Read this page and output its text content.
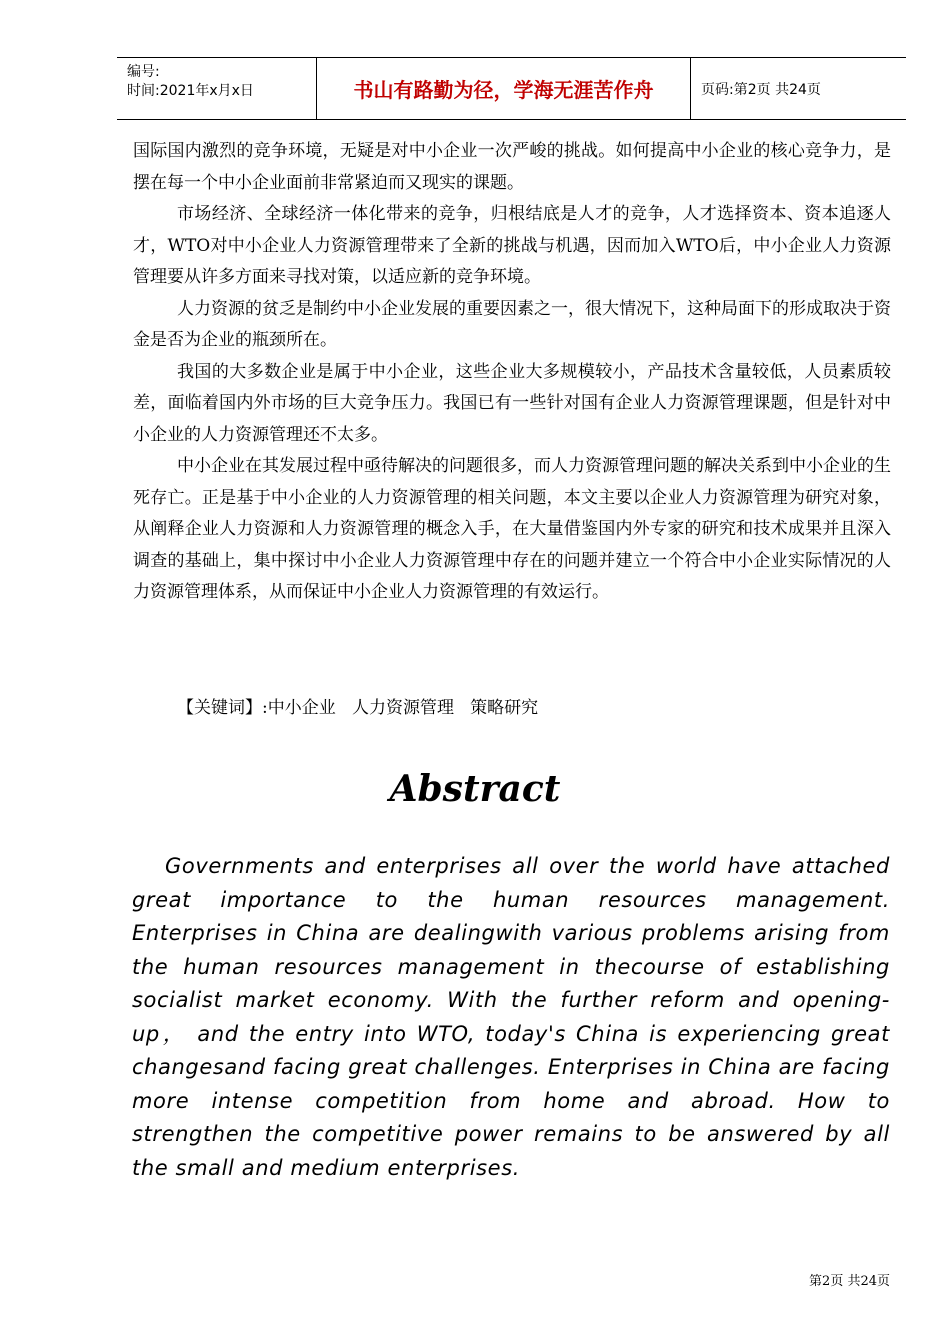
编号:
时间:2021年x月x日	书山有路勤为径，学海无涯苦作舟	页码:第2页 共24页

国际国内激烈的竞争环境，无疑是对中小企业一次严峻的挑战。如何提高中小企业的核心竞争力，是摆在每一个中小企业面前非常紧迫而又现实的课题。

市场经济、全球经济一体化带来的竞争，归根结底是人才的竞争，人才选择资本、资本追逐人才，WTO对中小企业人力资源管理带来了全新的挑战与机遇，因而加入WTO后，中小企业人力资源管理要从许多方面来寻找对策，以适应新的竞争环境。

人力资源的贫乏是制约中小企业发展的重要因素之一，很大情况下，这种局面下的形成取决于资金是否为企业的瓶颈所在。

我国的大多数企业是属于中小企业，这些企业大多规模较小，产品技术含量较低，人员素质较差，面临着国内外市场的巨大竞争压力。我国已有一些针对国有企业人力资源管理课题，但是针对中小企业的人力资源管理还不太多。

中小企业在其发展过程中亟待解决的问题很多，而人力资源管理问题的解决关系到中小企业的生死存亡。正是基于中小企业的人力资源管理的相关问题，本文主要以企业人力资源管理为研究对象，从阐释企业人力资源和人力资源管理的概念入手，在大量借鉴国内外专家的研究和技术成果并且深入调查的基础上，集中探讨中小企业人力资源管理中存在的问题并建立一个符合中小企业实际情况的人力资源管理体系，从而保证中小企业人力资源管理的有效运行。

【关键词】:中小企业   人力资源管理   策略研究
Abstract

Governments and enterprises all over the world have attached great importance to the human resources management. Enterprises in China are dealingwith various problems arising from the human resources management in thecourse of establishing socialist market economy. With the further reform and opening-up， and the entry into WTO, today's China is experiencing great changesand facing great challenges. Enterprises in China are facing more intense competition from home and abroad. How to strengthen the competitive power remains to be answered by all the small and medium enterprises.

第2页 共24页
